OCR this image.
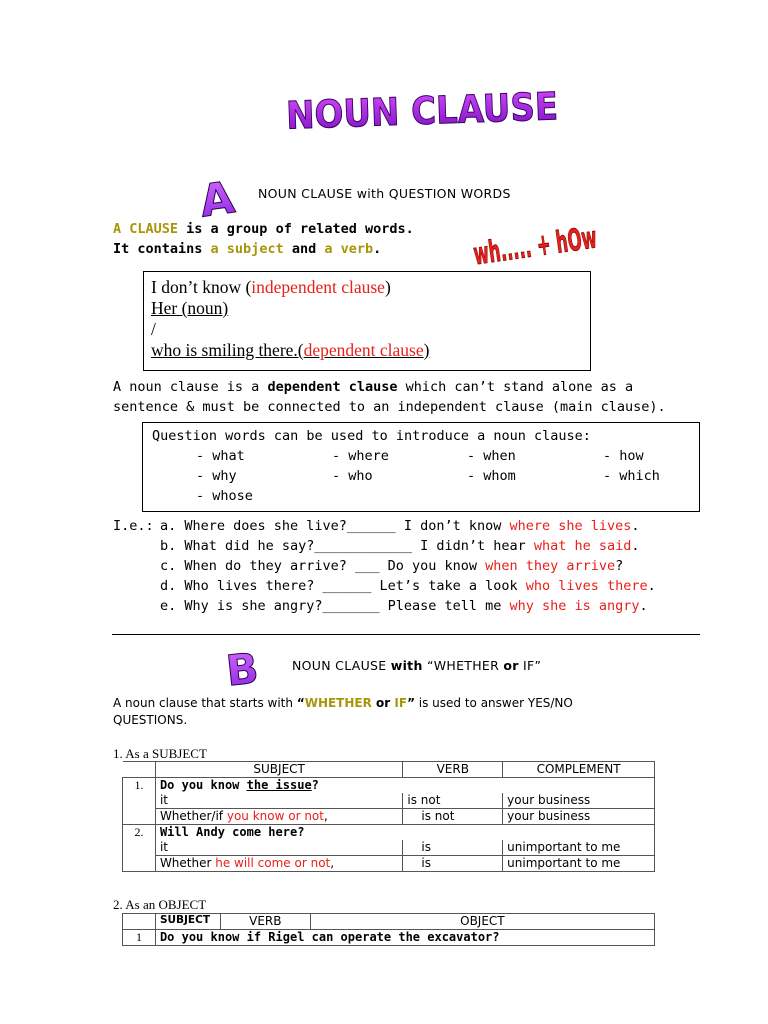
NOUN CLAUSE
A
wh..... + hOw
NOUN CLAUSE with QUESTION WORDS
A CLAUSE is a group of related words.
It contains a subject and a verb.
I don’t know (independent clause)
Her (noun)
/
who is smiling there.(dependent clause)
A noun clause is a dependent clause which can’t stand alone as a
sentence & must be connected to an independent clause (main clause).
Question words can be used to introduce a noun clause:
- what	- where	- when	- how
- why	- who	- whom	- which
- whose
I.e.: a. Where does she live?______ I don’t know where she lives.
b. What did he say?____________ I didn’t hear what he said.
c. When do they arrive? ___ Do you know when they arrive?
d. Who lives there? ______ Let’s take a look who lives there.
e. Why is she angry?_______ Please tell me why she is angry.
B NOUN CLAUSE with “WHETHER or IF”
A noun clause that starts with “WHETHER or IF” is used to answer YES/NO
QUESTIONS.
1. As a SUBJECT
	SUBJECT	VERB	COMPLEMENT
1.	Do you know the issue?		
	it	is not	your business
	Whether/if you know or not,	is not	your business
2.	Will Andy come here?		
	it	is	unimportant to me
	Whether he will come or not,	is	unimportant to me
2. As an OBJECT
	SUBJECT	VERB	OBJECT
1	Do you know if Rigel can operate the excavator?		
